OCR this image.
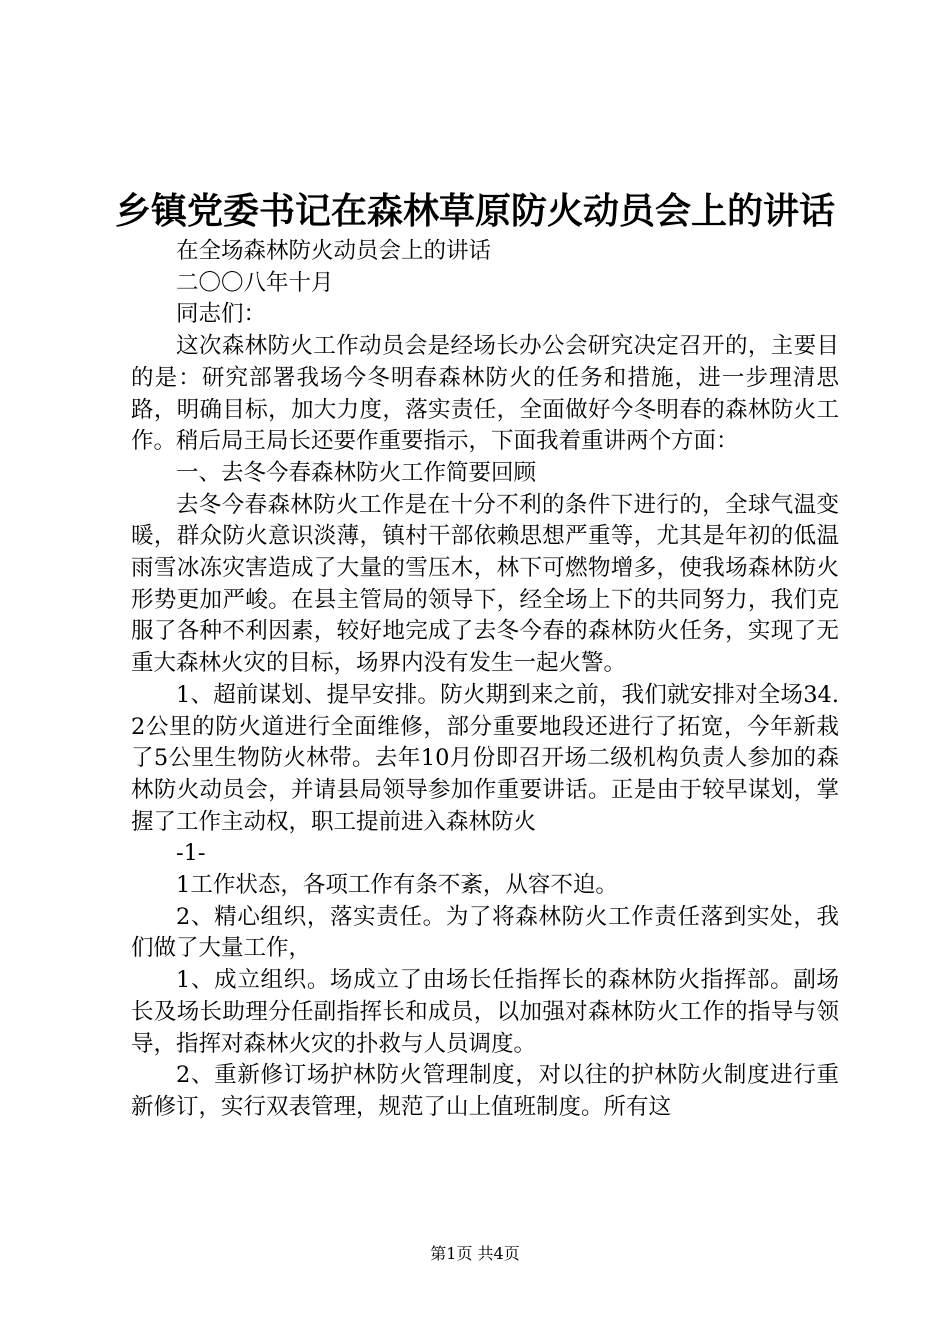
乡镇党委书记在森林草原防火动员会上的讲话

在全场森林防火动员会上的讲话

二〇〇八年十月

同志们：

这次森林防火工作动员会是经场长办公会研究决定召开的，主要目的是：研究部署我场今冬明春森林防火的任务和措施，进一步理清思路，明确目标，加大力度，落实责任，全面做好今冬明春的森林防火工作。稍后局王局长还要作重要指示，下面我着重讲两个方面：

一、去冬今春森林防火工作简要回顾

去冬今春森林防火工作是在十分不利的条件下进行的，全球气温变暖，群众防火意识淡薄，镇村干部依赖思想严重等，尤其是年初的低温雨雪冰冻灾害造成了大量的雪压木，林下可燃物增多，使我场森林防火形势更加严峻。在县主管局的领导下，经全场上下的共同努力，我们克服了各种不利因素，较好地完成了去冬今春的森林防火任务，实现了无重大森林火灾的目标，场界内没有发生一起火警。

1、超前谋划、提早安排。防火期到来之前，我们就安排对全场34.2公里的防火道进行全面维修，部分重要地段还进行了拓宽，今年新栽了5公里生物防火林带。去年10月份即召开场二级机构负责人参加的森林防火动员会，并请县局领导参加作重要讲话。正是由于较早谋划，掌握了工作主动权，职工提前进入森林防火

-1-

1工作状态，各项工作有条不紊，从容不迫。

2、精心组织，落实责任。为了将森林防火工作责任落到实处，我们做了大量工作，

1、成立组织。场成立了由场长任指挥长的森林防火指挥部。副场长及场长助理分任副指挥长和成员，以加强对森林防火工作的指导与领导，指挥对森林火灾的扑救与人员调度。

2、重新修订场护林防火管理制度，对以往的护林防火制度进行重新修订，实行双表管理，规范了山上值班制度。所有这

第1页 共4页
